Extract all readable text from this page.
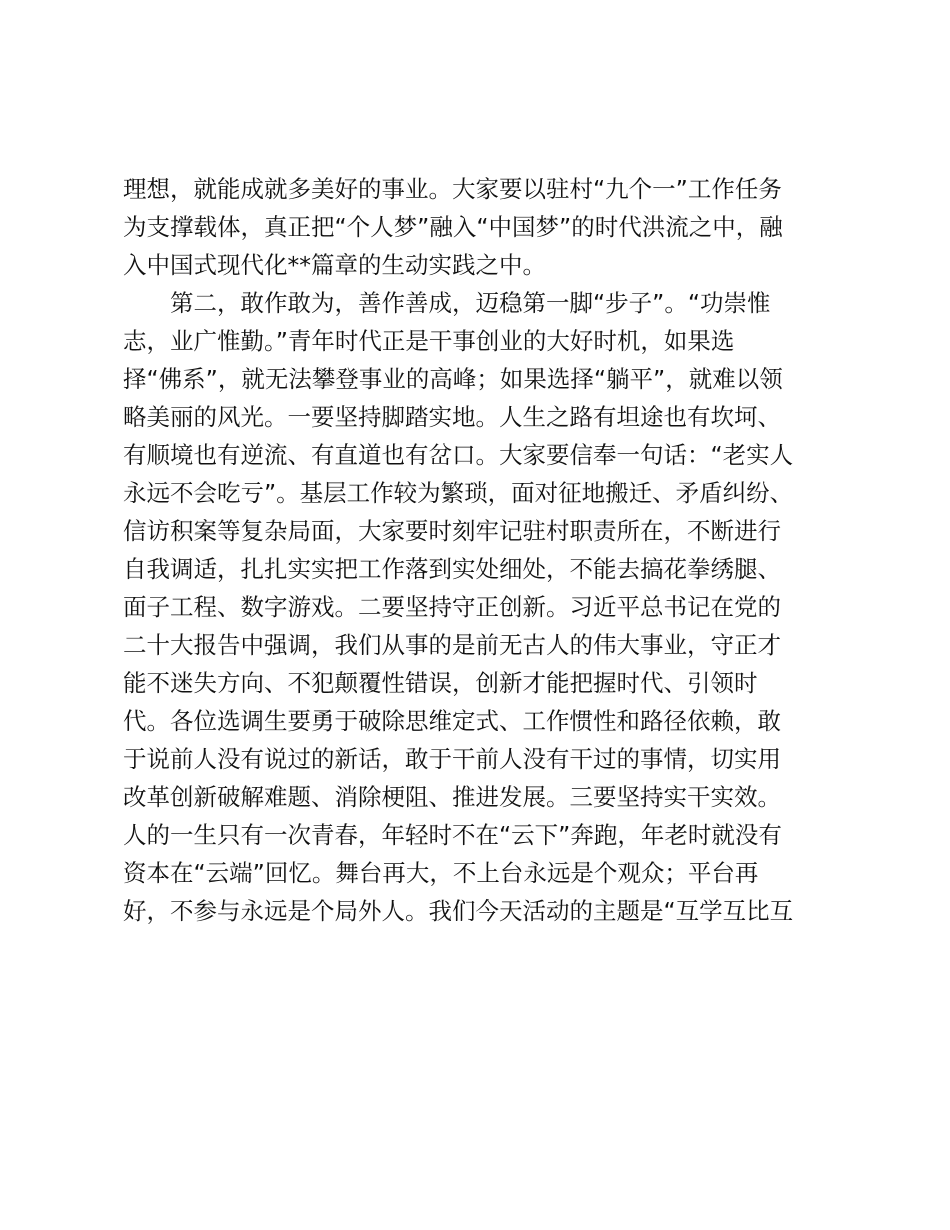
理想，就能成就多美好的事业。大家要以驻村“九个一”工作任务
为支撑载体，真正把“个人梦”融入“中国梦”的时代洪流之中，融
入中国式现代化**篇章的生动实践之中。
　　第二，敢作敢为，善作善成，迈稳第一脚“步子”。“功崇惟
志，业广惟勤。”青年时代正是干事创业的大好时机，如果选
择“佛系”，就无法攀登事业的高峰；如果选择“躺平”，就难以领
略美丽的风光。一要坚持脚踏实地。人生之路有坦途也有坎坷、
有顺境也有逆流、有直道也有岔口。大家要信奉一句话：“老实人
永远不会吃亏”。基层工作较为繁琐，面对征地搬迁、矛盾纠纷、
信访积案等复杂局面，大家要时刻牢记驻村职责所在，不断进行
自我调适，扎扎实实把工作落到实处细处，不能去搞花拳绣腿、
面子工程、数字游戏。二要坚持守正创新。习近平总书记在党的
二十大报告中强调，我们从事的是前无古人的伟大事业，守正才
能不迷失方向、不犯颠覆性错误，创新才能把握时代、引领时
代。各位选调生要勇于破除思维定式、工作惯性和路径依赖，敢
于说前人没有说过的新话，敢于干前人没有干过的事情，切实用
改革创新破解难题、消除梗阻、推进发展。三要坚持实干实效。
人的一生只有一次青春，年轻时不在“云下”奔跑，年老时就没有
资本在“云端”回忆。舞台再大，不上台永远是个观众；平台再
好，不参与永远是个局外人。我们今天活动的主题是“互学互比互
